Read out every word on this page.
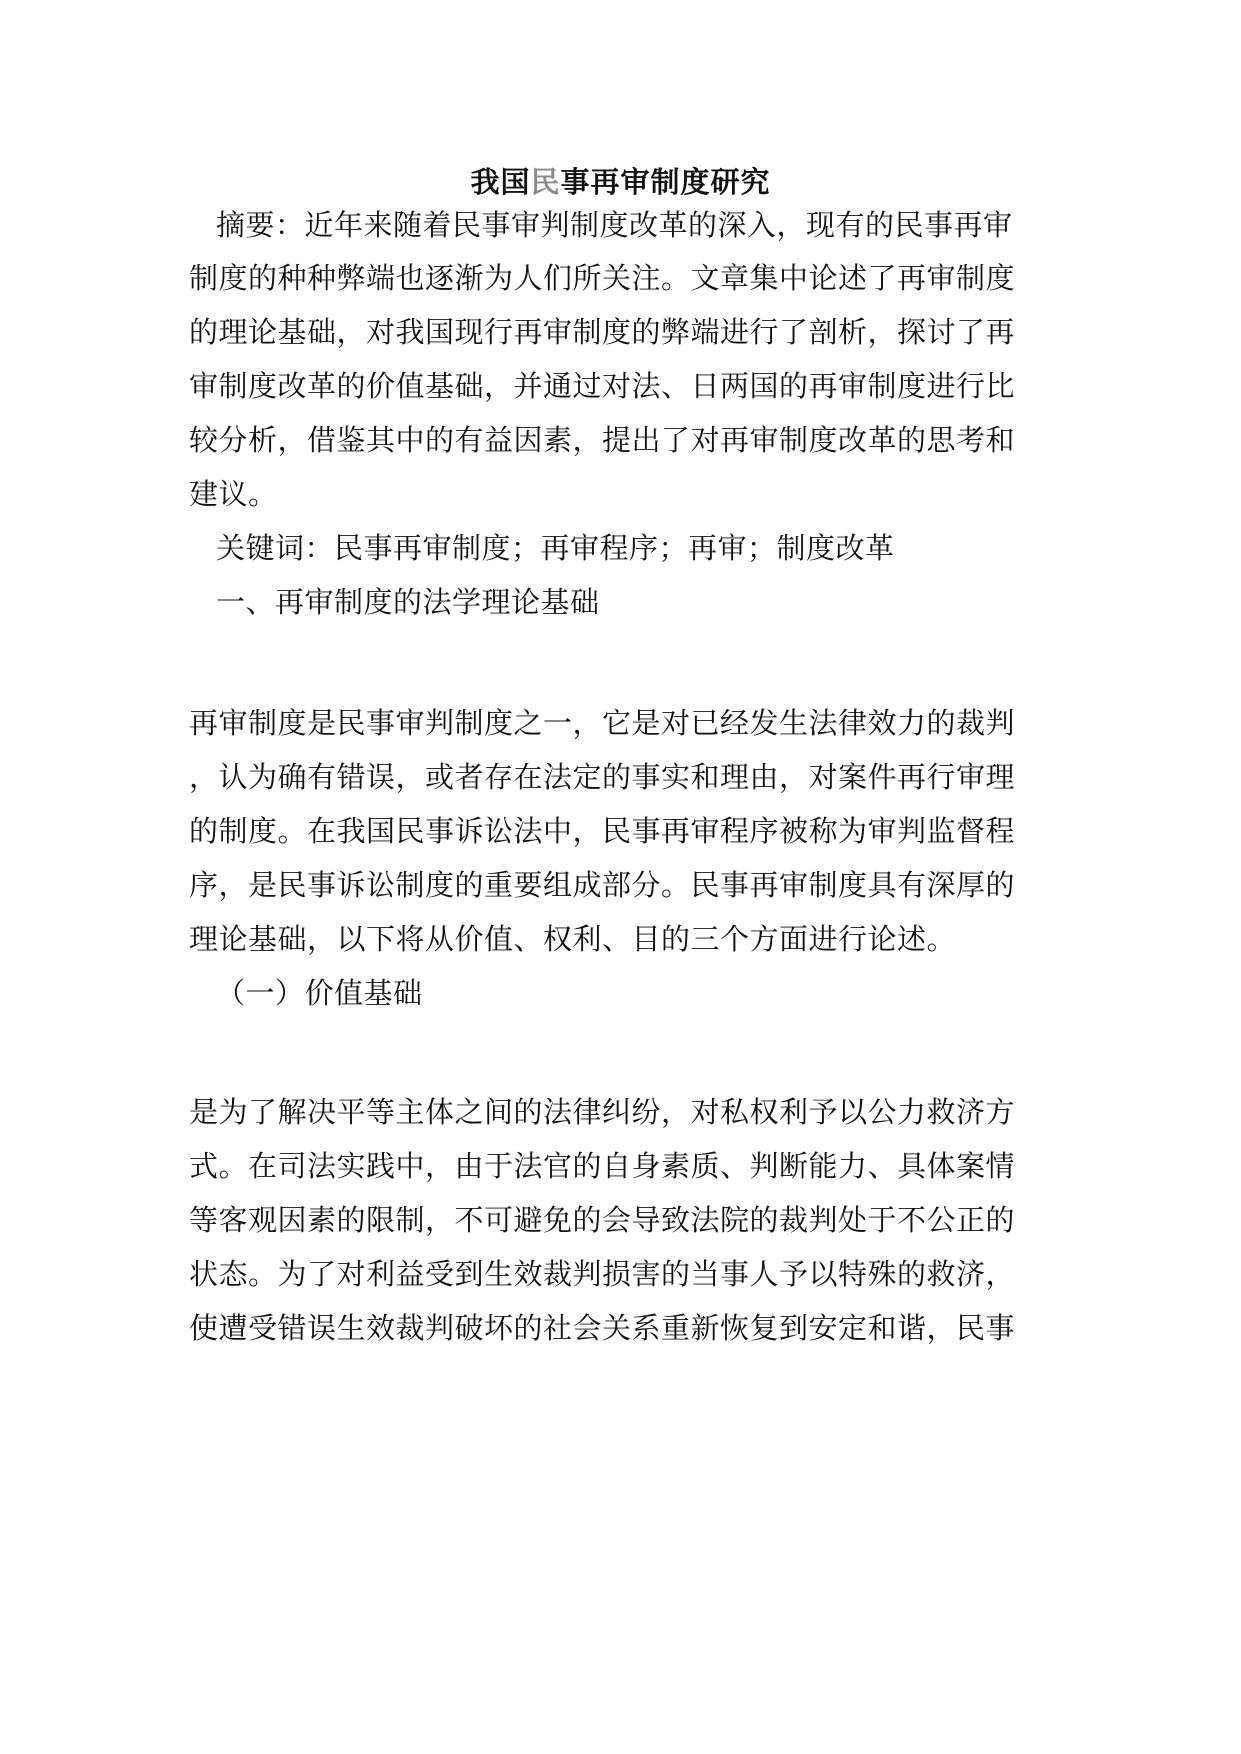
我国民事再审制度研究
摘要：近年来随着民事审判制度改革的深入，现有的民事再审
制度的种种弊端也逐渐为人们所关注。文章集中论述了再审制度
的理论基础，对我国现行再审制度的弊端进行了剖析，探讨了再
审制度改革的价值基础，并通过对法、日两国的再审制度进行比
较分析，借鉴其中的有益因素，提出了对再审制度改革的思考和
建议。
关键词：民事再审制度；再审程序；再审；制度改革
一、再审制度的法学理论基础
再审制度是民事审判制度之一，它是对已经发生法律效力的裁判
，认为确有错误，或者存在法定的事实和理由，对案件再行审理
的制度。在我国民事诉讼法中，民事再审程序被称为审判监督程
序，是民事诉讼制度的重要组成部分。民事再审制度具有深厚的
理论基础，以下将从价值、权利、目的三个方面进行论述。
（一）价值基础
是为了解决平等主体之间的法律纠纷，对私权利予以公力救济方
式。在司法实践中，由于法官的自身素质、判断能力、具体案情
等客观因素的限制，不可避免的会导致法院的裁判处于不公正的
状态。为了对利益受到生效裁判损害的当事人予以特殊的救济，
使遭受错误生效裁判破坏的社会关系重新恢复到安定和谐，民事
